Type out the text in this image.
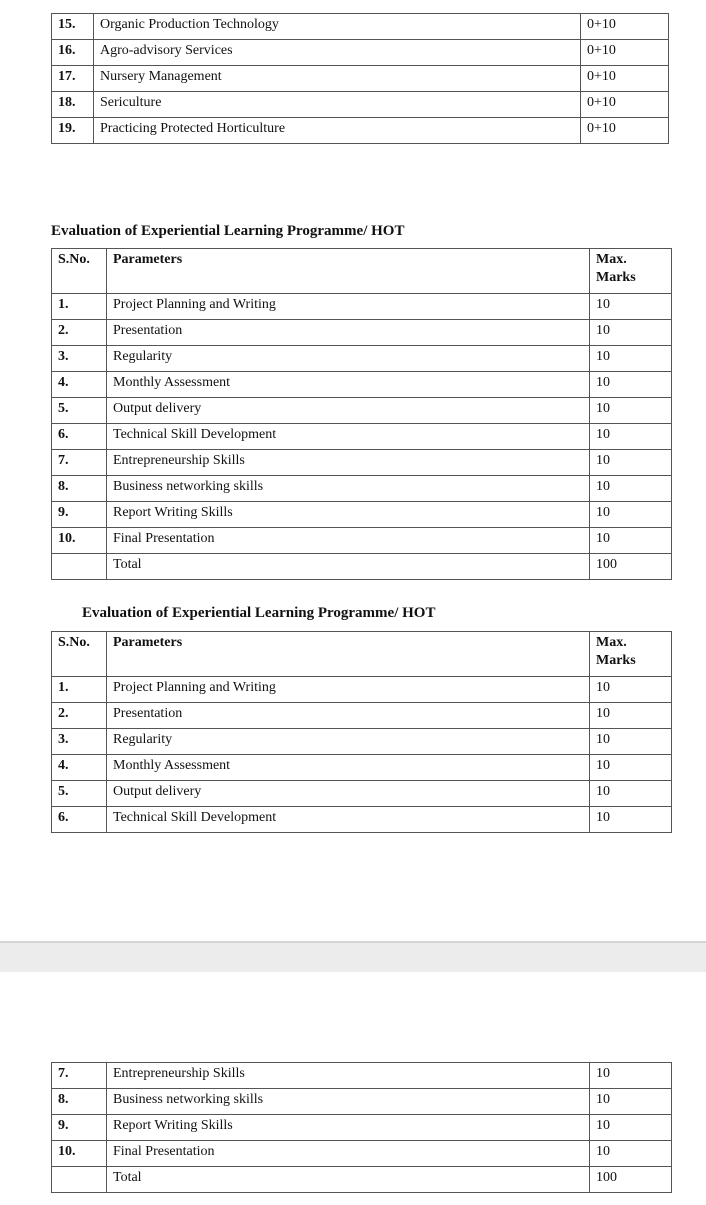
15.	Organic Production Technology	0+10
16.	Agro-advisory Services	0+10
17.	Nursery Management	0+10
18.	Sericulture	0+10
19.	Practicing Protected Horticulture	0+10
Evaluation of Experiential Learning Programme/ HOT
S.No.	Parameters	Max.
Marks
1.	Project Planning and Writing	10
2.	Presentation	10
3.	Regularity	10
4.	Monthly Assessment	10
5.	Output delivery	10
6.	Technical Skill Development	10
7.	Entrepreneurship Skills	10
8.	Business networking skills	10
9.	Report Writing Skills	10
10.	Final Presentation	10
	Total	100
Evaluation of Experiential Learning Programme/ HOT
S.No.	Parameters	Max.
Marks
1.	Project Planning and Writing	10
2.	Presentation	10
3.	Regularity	10
4.	Monthly Assessment	10
5.	Output delivery	10
6.	Technical Skill Development	10
7.	Entrepreneurship Skills	10
8.	Business networking skills	10
9.	Report Writing Skills	10
10.	Final Presentation	10
	Total	100
